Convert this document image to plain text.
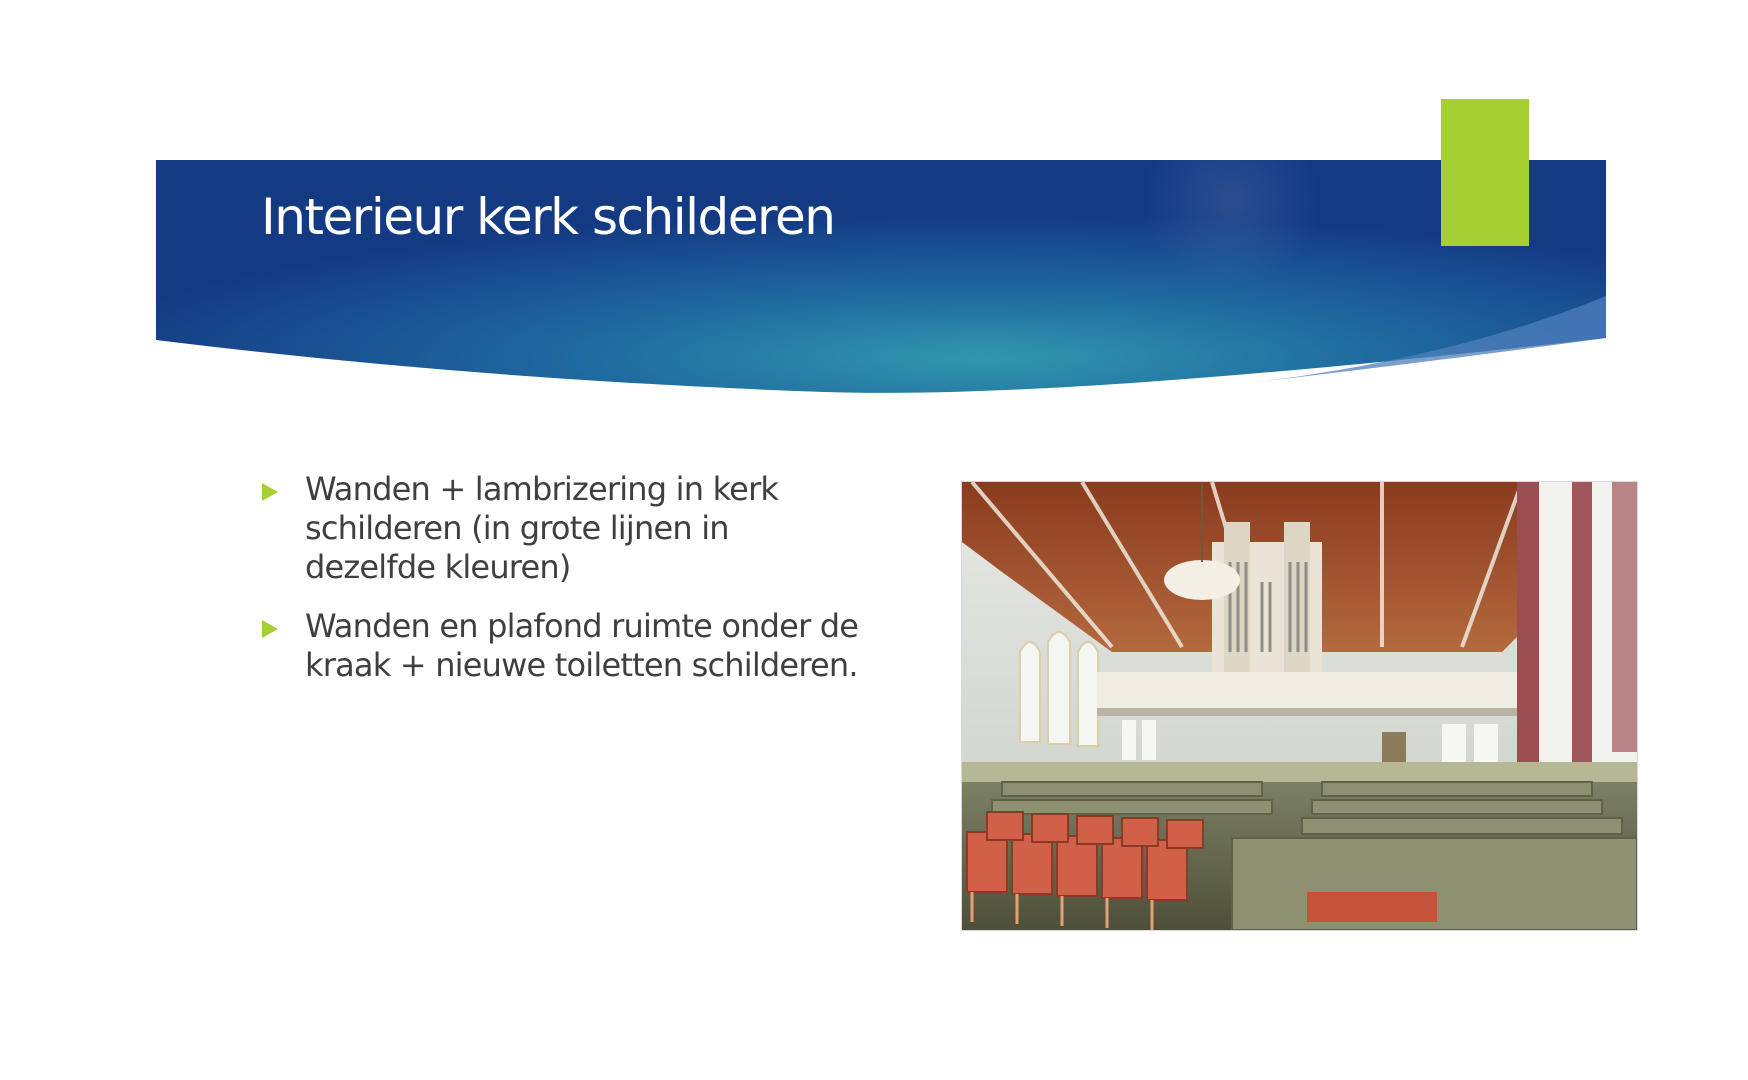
Interieur kerk schilderen
Wanden + lambrizering in kerk schilderen (in grote lijnen in dezelfde kleuren)
Wanden en plafond ruimte onder de kraak + nieuwe toiletten schilderen.
